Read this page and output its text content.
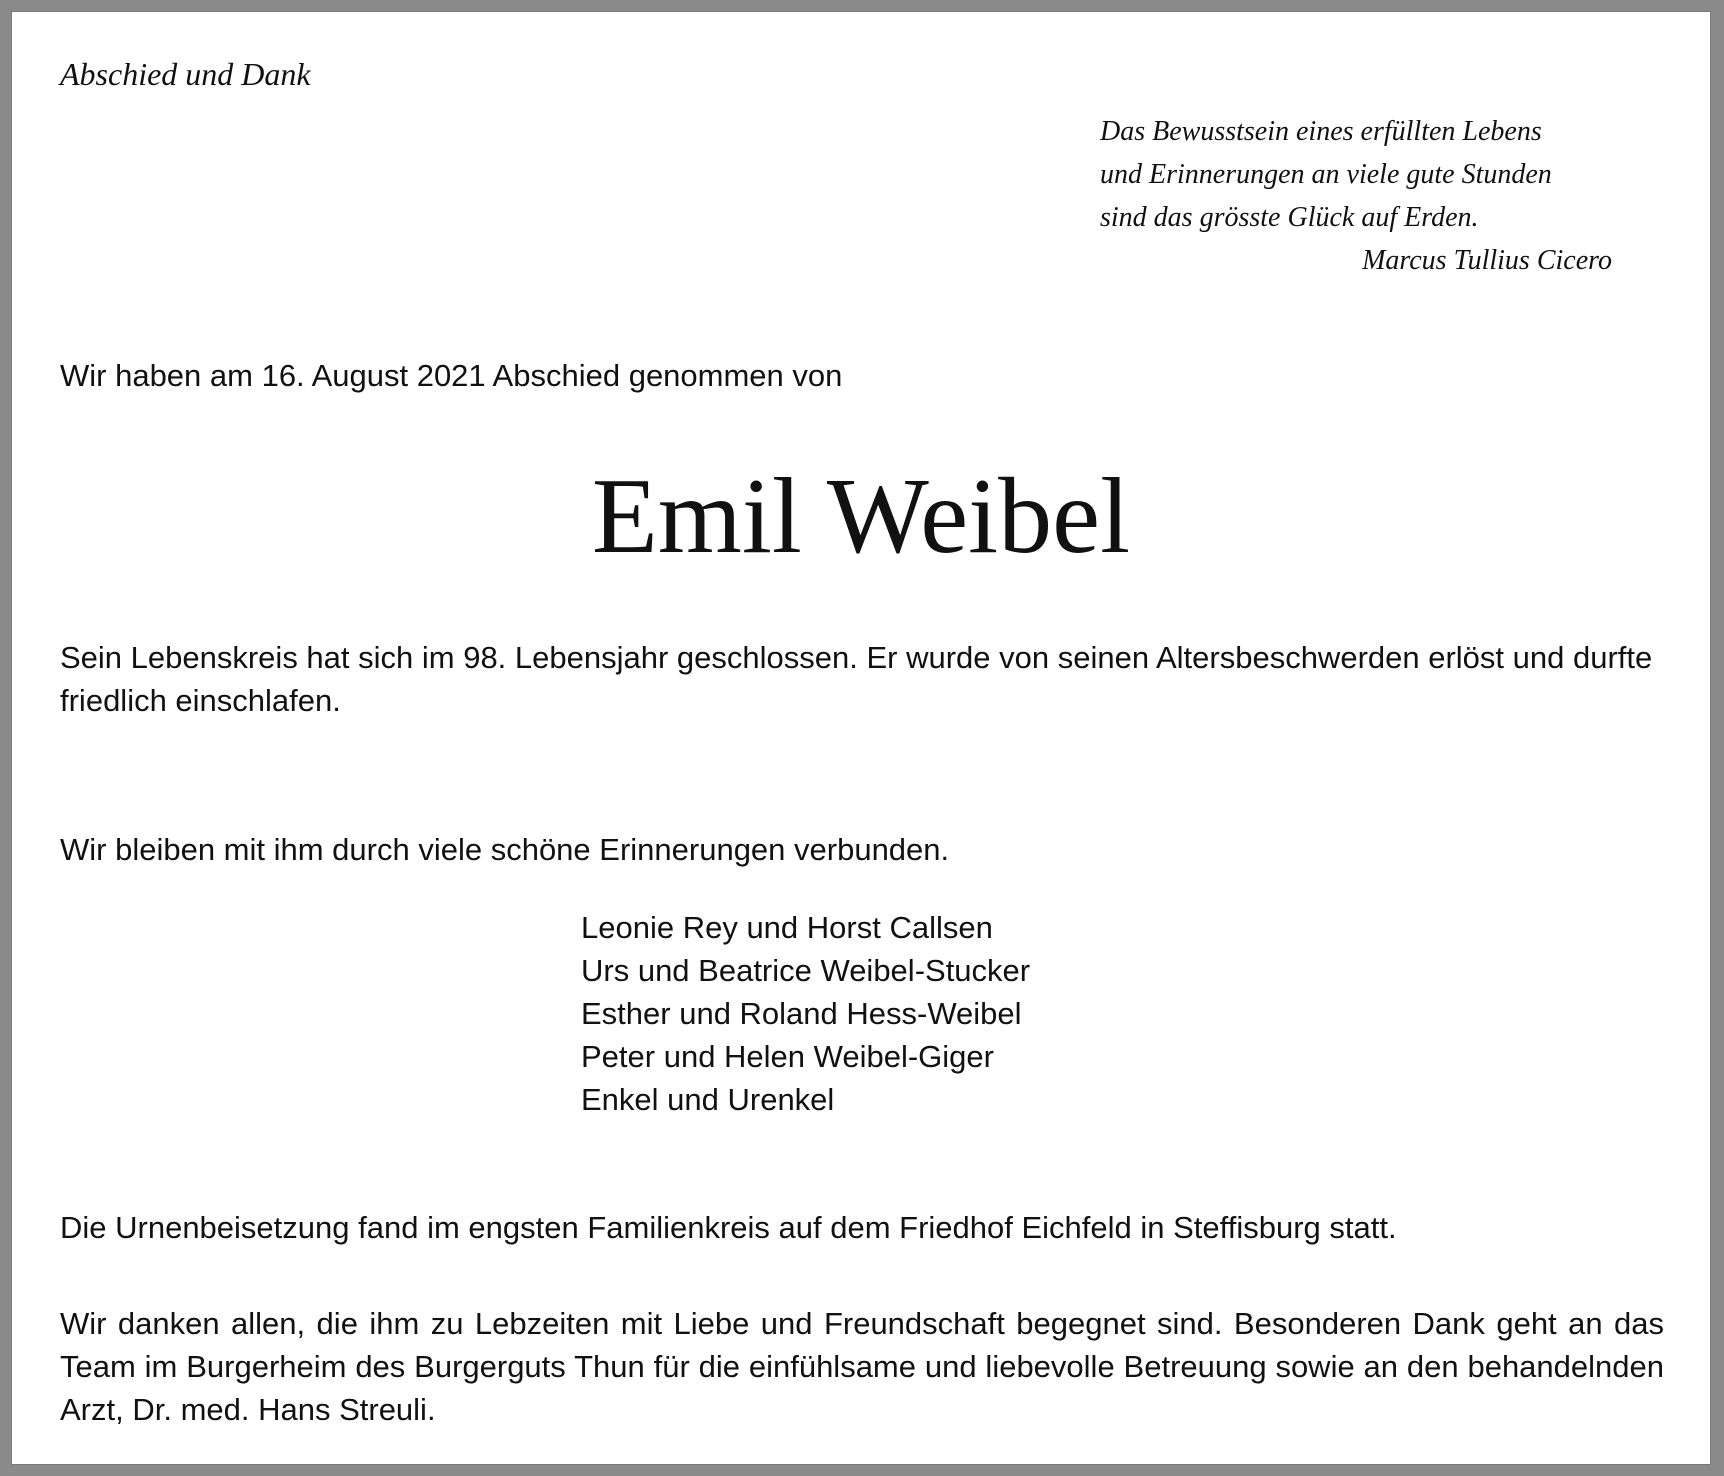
Abschied und Dank
Das Bewusstsein eines erfüllten Lebens
und Erinnerungen an viele gute Stunden
sind das grösste Glück auf Erden.
Marcus Tullius Cicero
Wir haben am 16. August 2021 Abschied genommen von
Emil Weibel
Sein Lebenskreis hat sich im 98. Lebensjahr geschlossen. Er wurde von seinen Altersbeschwerden erlöst und durfte friedlich einschlafen.
Wir bleiben mit ihm durch viele schöne Erinnerungen verbunden.
Leonie Rey und Horst Callsen
Urs und Beatrice Weibel-Stucker
Esther und Roland Hess-Weibel
Peter und Helen Weibel-Giger
Enkel und Urenkel
Die Urnenbeisetzung fand im engsten Familienkreis auf dem Friedhof Eichfeld in Steffisburg statt.
Wir danken allen, die ihm zu Lebzeiten mit Liebe und Freundschaft begegnet sind. Besonderen Dank geht an das Team im Burgerheim des Burgerguts Thun für die einfühlsame und liebevolle Betreuung sowie an den behandelnden Arzt, Dr. med. Hans Streuli.
